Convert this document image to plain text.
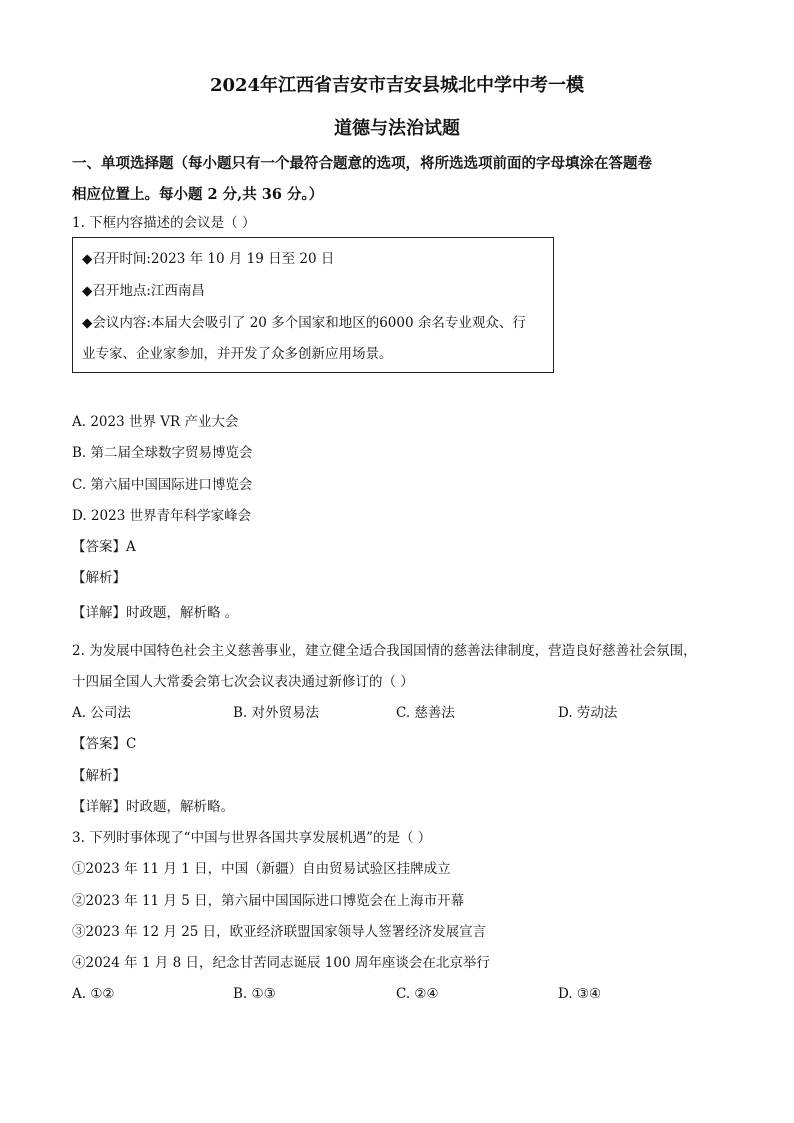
2024年江西省吉安市吉安县城北中学中考一模
道德与法治试题
一、单项选择题（每小题只有一个最符合题意的选项，将所选选项前面的字母填涂在答题卷
相应位置上。每小题 2 分,共 36 分。）
1. 下框内容描述的会议是（ ）
◆召开时间:2023 年 10 月 19 日至 20 日
◆召开地点:江西南昌
◆会议内容:本届大会吸引了 20 多个国家和地区的6000 余名专业观众、行
业专家、企业家参加，并开发了众多创新应用场景。
A. 2023 世界 VR 产业大会
B. 第二届全球数字贸易博览会
C. 第六届中国国际进口博览会
D. 2023 世界青年科学家峰会
【答案】A
【解析】
【详解】时政题，解析略 。
2. 为发展中国特色社会主义慈善事业，建立健全适合我国国情的慈善法律制度，营造良好慈善社会氛围，
十四届全国人大常委会第七次会议表决通过新修订的（ ）
A. 公司法	B. 对外贸易法	C. 慈善法	D. 劳动法
【答案】C
【解析】
【详解】时政题，解析略。
3. 下列时事体现了“中国与世界各国共享发展机遇”的是（ ）
①2023 年 11 月 1 日，中国（新疆）自由贸易试验区挂牌成立
②2023 年 11 月 5 日，第六届中国国际进口博览会在上海市开幕
③2023 年 12 月 25 日，欧亚经济联盟国家领导人签署经济发展宣言
④2024 年 1 月 8 日，纪念甘苦同志诞辰 100 周年座谈会在北京举行
A. ①②	B. ①③	C. ②④	D. ③④
